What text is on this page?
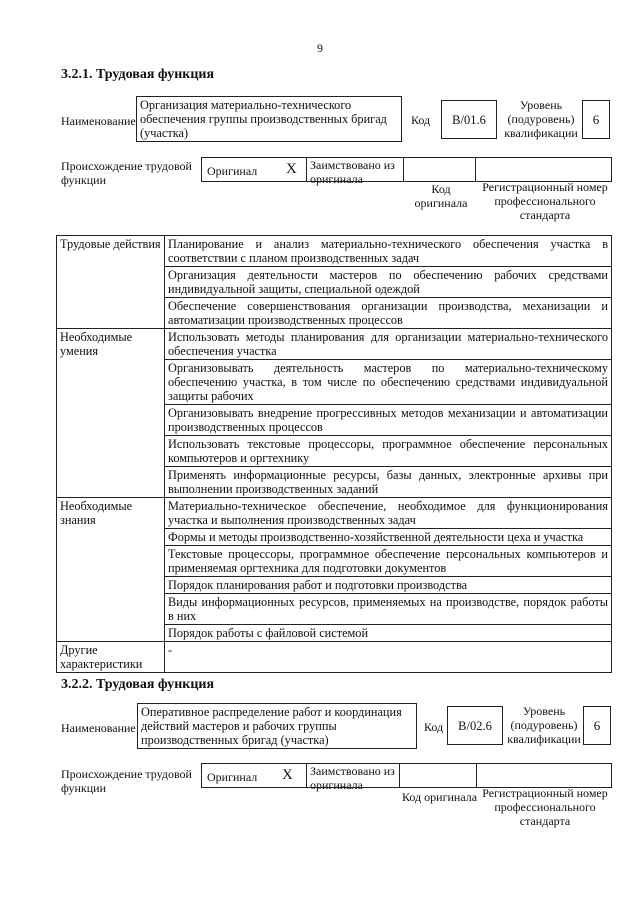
9
3.2.1. Трудовая функция
Наименование
Организация материально-технического обеспечения группы производственных бригад (участка)
Код	B/01.6
Уровень (подуровень) квалификации
6
Происхождение трудовой функции
Оригинал X Заимствовано из оригинала
Код оригинала
Регистрационный номер профессионального стандарта
Трудовые действия	Планирование и анализ материально-технического обеспечения участка в соответствии с планом производственных задач
	Организация деятельности мастеров по обеспечению рабочих средствами индивидуальной защиты, специальной одеждой
	Обеспечение совершенствования организации производства, механизации и автоматизации производственных процессов
Необходимые умения	Использовать методы планирования для организации материально-технического обеспечения участка
	Организовывать деятельность мастеров по материально-техническому обеспечению участка, в том числе по обеспечению средствами индивидуальной защиты рабочих
	Организовывать внедрение прогрессивных методов механизации и автоматизации производственных процессов
	Использовать текстовые процессоры, программное обеспечение персональных компьютеров и оргтехнику
	Применять информационные ресурсы, базы данных, электронные архивы при выполнении производственных заданий
Необходимые знания	Материально-техническое обеспечение, необходимое для функционирования участка и выполнения производственных задач
	Формы и методы производственно-хозяйственной деятельности цеха и участка
	Текстовые процессоры, программное обеспечение персональных компьютеров и применяемая оргтехника для подготовки документов
	Порядок планирования работ и подготовки производства
	Виды информационных ресурсов, применяемых на производстве, порядок работы в них
	Порядок работы с файловой системой
Другие характеристики	-
3.2.2. Трудовая функция
Наименование
Оперативное распределение работ и координация действий мастеров и рабочих группы производственных бригад (участка)
Код	B/02.6
Уровень (подуровень) квалификации
6
Происхождение трудовой функции
Оригинал X Заимствовано из оригинала
Код оригинала Регистрационный номер профессионального стандарта
